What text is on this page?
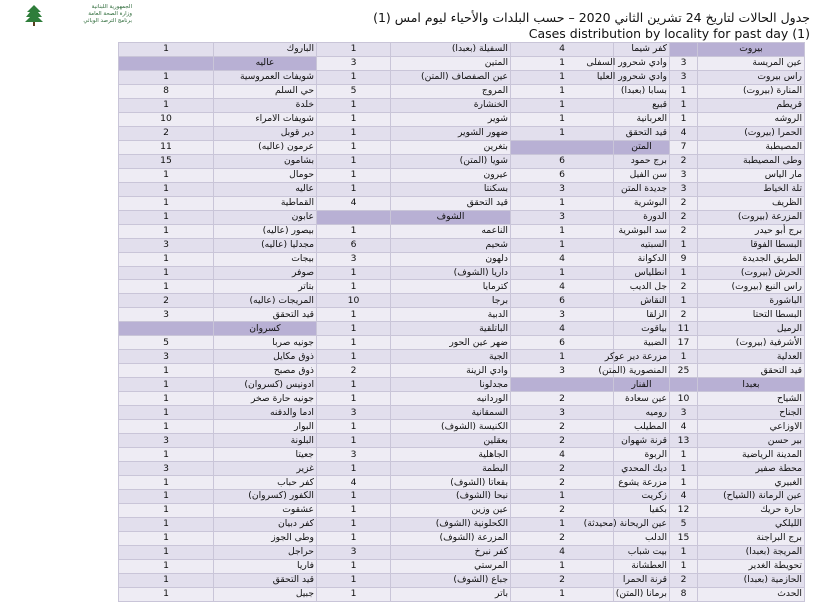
الجمهورية اللبنانية
وزارة الصحة العامة
برنامج الترصد الوبائي	جدول الحالات لتاريخ 24 تشرين الثاني 2020 – حسب البلدات والأحياء ليوم امس (1)
Cases distribution by locality for past day (1)
1	الباروك	1	السفيلة (بعبدا)	4	كفر شيما		بيروت
	عاليه	3	المتين	1	وادي شحرور السفلى	3	عين المريسة
1	شويفات العمروسية	1	عين الصفصاف (المتن)	1	وادي شحرور العليا	3	راس بيروت
8	حي السلم	5	المروج	1	بسابا (بعبدا)	1	المنارة (بيروت)
1	خلدة	1	الخنشارة	1	قبيع	1	قريطم
10	شويفات الامراء	1	شوير	1	العربانية	1	الروشه
2	دير قوبل	1	ضهور الشوير	1	قيد التحقق	4	الحمرا (بيروت)
11	عرمون (عاليه)	1	بتغرين		المتن	7	المصيطبة
15	بشامون	1	شويا (المتن)	6	برج حمود	2	وطى المصيطبة
1	حومال	1	عيرون	6	سن الفيل	3	مار الياس
1	عاليه	1	بسكنتا	3	جديدة المتن	3	تلة الخياط
1	القماطية	4	قيد التحقق	1	البوشرية	2	الظريف
1	عابون		الشوف	3	الدورة	2	المزرعة (بيروت)
1	بيصور (عاليه)	1	الناعمه	1	سد البوشرية	2	برج أبو حيدر
3	مجدليا (عاليه)	6	شحيم	1	السبتيه	1	البسطا الفوقا
1	بيجات	3	دلهون	4	الدكوانة	9	الطريق الجديدة
1	صوفر	1	داريا (الشوف)	1	انطلياس	1	الحرش (بيروت)
1	بتاتر	1	كترمايا	4	جل الديب	2	راس النبع (بيروت)
2	المريجات (عاليه)	10	برجا	6	النقاش	1	الباشورة
3	قيد التحقق	1	الدبية	3	الزلقا	2	البسطا التحتا
	كسروان	1	الباتلقية	4	بياقوت	11	الرميل
5	جونيه صربا	1	ضهر عين الحور	6	الضبية	17	الأشرفية (بيروت)
3	ذوق مكايل	1	الجية	1	مزرعة دير عوكر	1	العدلية
1	ذوق مصبح	2	وادي الزينة	3	المنصورية (المتن)	25	قيد التحقق
1	ادونيس (كسروان)	1	مجدلونا		الفنار		بعبدا
1	جونيه حارة صخر	1	الوردانيه	2	عين سعادة	10	الشياح
1	ادما والدفنه	3	السمقانية	3	روميه	3	الجناح
1	البوار	1	الكنيسة (الشوف)	2	المطيلب	4	الاوزاعي
3	البلونة	1	بعقلين	2	قرنة شهوان	13	بير حسن
1	جعيتا	3	الجاهلية	4	الربوة	1	المدينة الرياضية
3	غزير	1	البطمة	2	ديك المحدي	1	محطة صفير
1	كفر حباب	4	بقعاتا (الشوف)	2	مزرعة يشوع	1	الغبيري
1	الكفور (كسروان)	1	نيحا (الشوف)	1	زكريت	4	عين الرمانة (الشياح)
1	عشقوت	1	عين وزين	2	بكفيا	12	حارة حريك
1	كفر دبيان	1	الكحلونية (الشوف)	1	عين الريحانة (محيدثة)	5	الليلكي
1	وطى الجوز	1	المزرعة (الشوف)	2	الدلب	15	برج البراجنة
1	حراجل	3	كفر نبرخ	4	بيت شباب	1	المريجة (بعبدا)
1	فاريا	1	المرستي	1	العطشانة	1	تحويطة الغدير
1	قيد التحقق	1	جباع (الشوف)	2	قرنة الحمرا	2	الحازمية (بعبدا)
1	جبيل	1	باتر	1	برمانا (المتن)	8	الحدث
